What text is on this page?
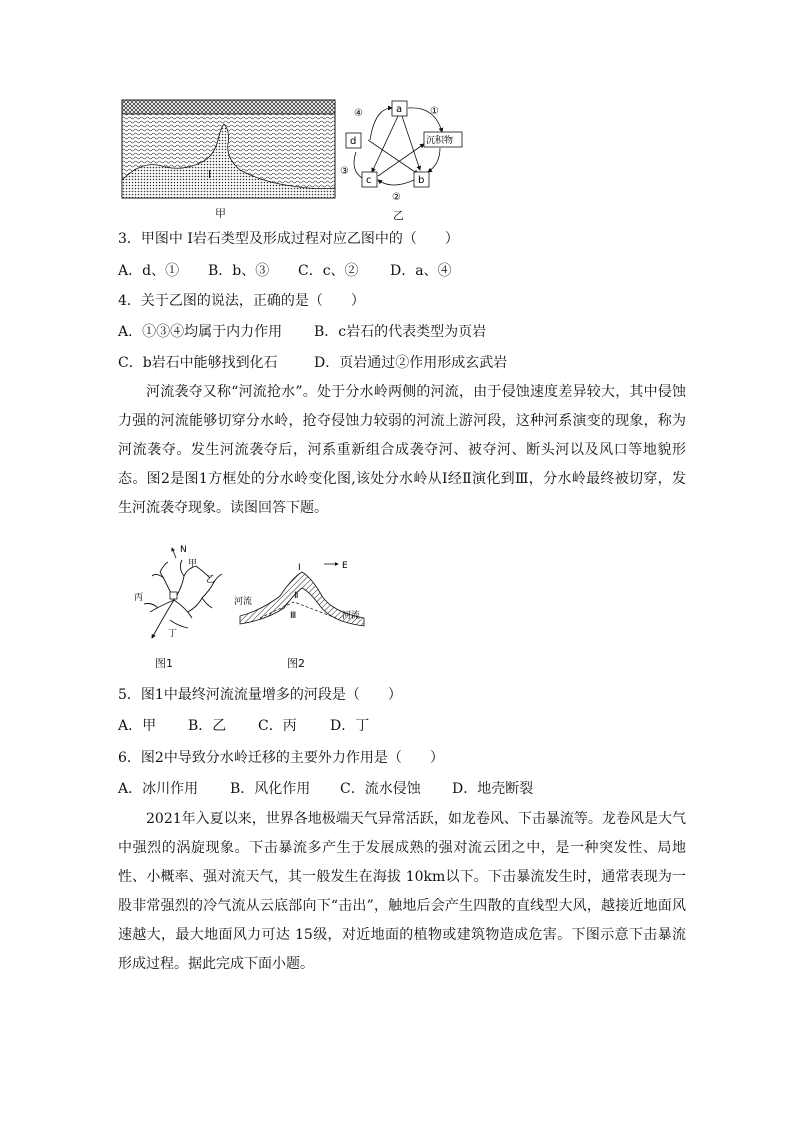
Ⅰ
甲
a
d	沉积物
c	b
①
④
③
②
乙
3．甲图中 I岩石类型及形成过程对应乙图中的（　　）
A．d、① B．b、③ C．c、② D．a、④
4．关于乙图的说法，正确的是（　　）
A．①③④均属于内力作用 B．c岩石的代表类型为页岩
C．b岩石中能够找到化石	D．页岩通过②作用形成玄武岩
河流袭夺又称“河流抢水”。处于分水岭两侧的河流，由于侵蚀速度差异较大，其中侵蚀力强的河流能够切穿分水岭，抢夺侵蚀力较弱的河流上游河段，这种河系演变的现象，称为河流袭夺。发生河流袭夺后，河系重新组合成袭夺河、被夺河、断头河以及风口等地貌形态。图2是图1方框处的分水岭变化图,该处分水岭从Ⅰ经Ⅱ演化到Ⅲ，分水岭最终被切穿，发生河流袭夺现象。读图回答下题。
N
甲
乙
丙
丁
图1
E
Ⅰ
Ⅱ
Ⅲ
河流
河流
图2
5．图1中最终河流流量增多的河段是（　　）
A．甲 B．乙 C．丙 D．丁
6．图2中导致分水岭迁移的主要外力作用是（　　）
A．冰川作用 B．风化作用 C．流水侵蚀 D．地壳断裂
2021年入夏以来，世界各地极端天气异常活跃，如龙卷风、下击暴流等。龙卷风是大气中强烈的涡旋现象。下击暴流多产生于发展成熟的强对流云团之中，是一种突发性、局地性、小概率、强对流天气，其一般发生在海拔 10km以下。下击暴流发生时，通常表现为一股非常强烈的冷气流从云底部向下“击出”，触地后会产生四散的直线型大风，越接近地面风速越大，最大地面风力可达 15级，对近地面的植物或建筑物造成危害。下图示意下击暴流形成过程。据此完成下面小题。
